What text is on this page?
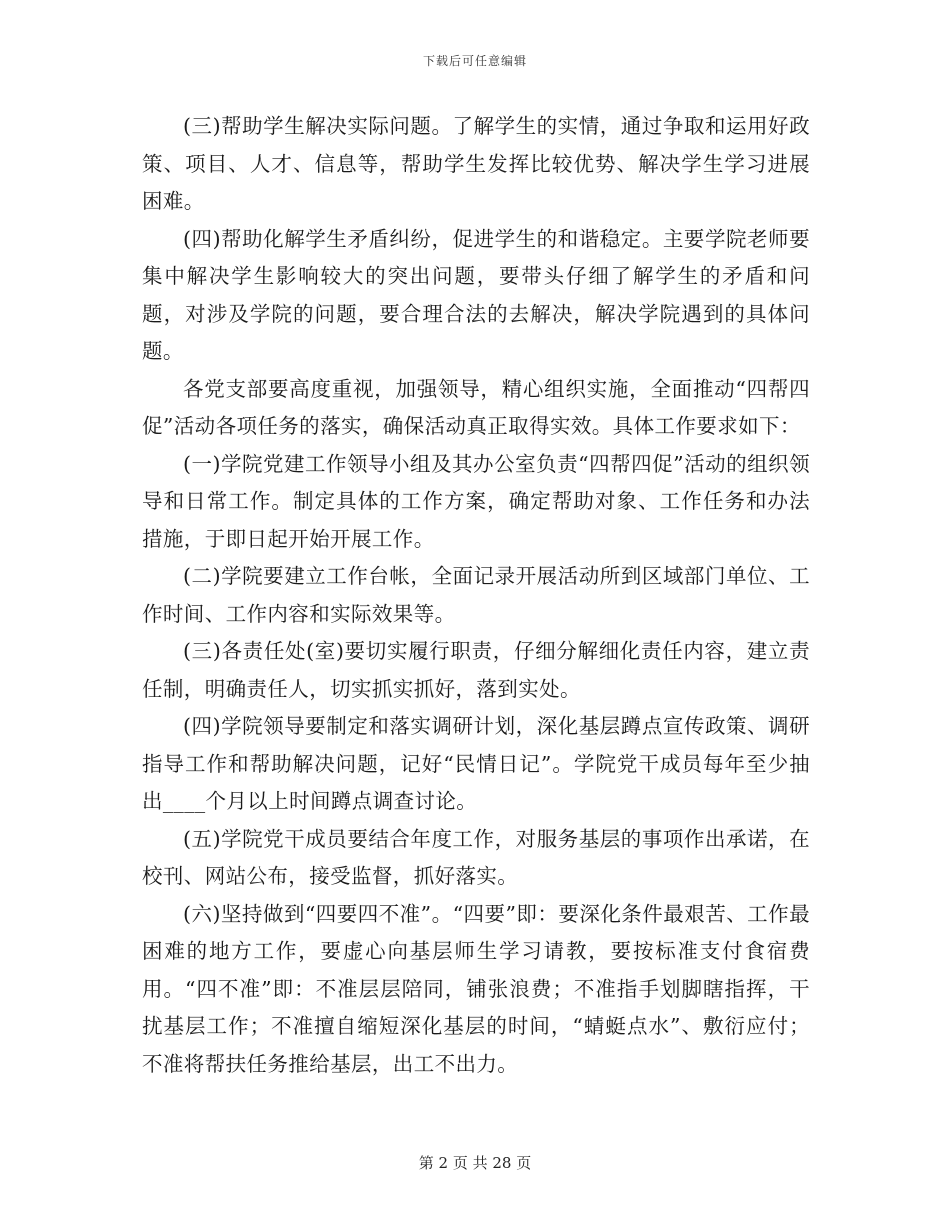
下载后可任意编辑

(三)帮助学生解决实际问题。了解学生的实情，通过争取和运用好政策、项目、人才、信息等，帮助学生发挥比较优势、解决学生学习进展困难。

(四)帮助化解学生矛盾纠纷，促进学生的和谐稳定。主要学院老师要集中解决学生影响较大的突出问题，要带头仔细了解学生的矛盾和问题，对涉及学院的问题，要合理合法的去解决，解决学院遇到的具体问题。

各党支部要高度重视，加强领导，精心组织实施，全面推动“四帮四促”活动各项任务的落实，确保活动真正取得实效。具体工作要求如下：

(一)学院党建工作领导小组及其办公室负责“四帮四促”活动的组织领导和日常工作。制定具体的工作方案，确定帮助对象、工作任务和办法措施，于即日起开始开展工作。

(二)学院要建立工作台帐，全面记录开展活动所到区域部门单位、工作时间、工作内容和实际效果等。

(三)各责任处(室)要切实履行职责，仔细分解细化责任内容，建立责任制，明确责任人，切实抓实抓好，落到实处。

(四)学院领导要制定和落实调研计划，深化基层蹲点宣传政策、调研指导工作和帮助解决问题，记好“民情日记”。学院党干成员每年至少抽出____个月以上时间蹲点调查讨论。

(五)学院党干成员要结合年度工作，对服务基层的事项作出承诺，在校刊、网站公布，接受监督，抓好落实。

(六)坚持做到“四要四不准”。“四要”即：要深化条件最艰苦、工作最困难的地方工作，要虚心向基层师生学习请教，要按标准支付食宿费用。“四不准”即：不准层层陪同，铺张浪费；不准指手划脚瞎指挥，干扰基层工作；不准擅自缩短深化基层的时间，“蜻蜓点水”、敷衍应付；不准将帮扶任务推给基层，出工不出力。

第 2 页 共 28 页
